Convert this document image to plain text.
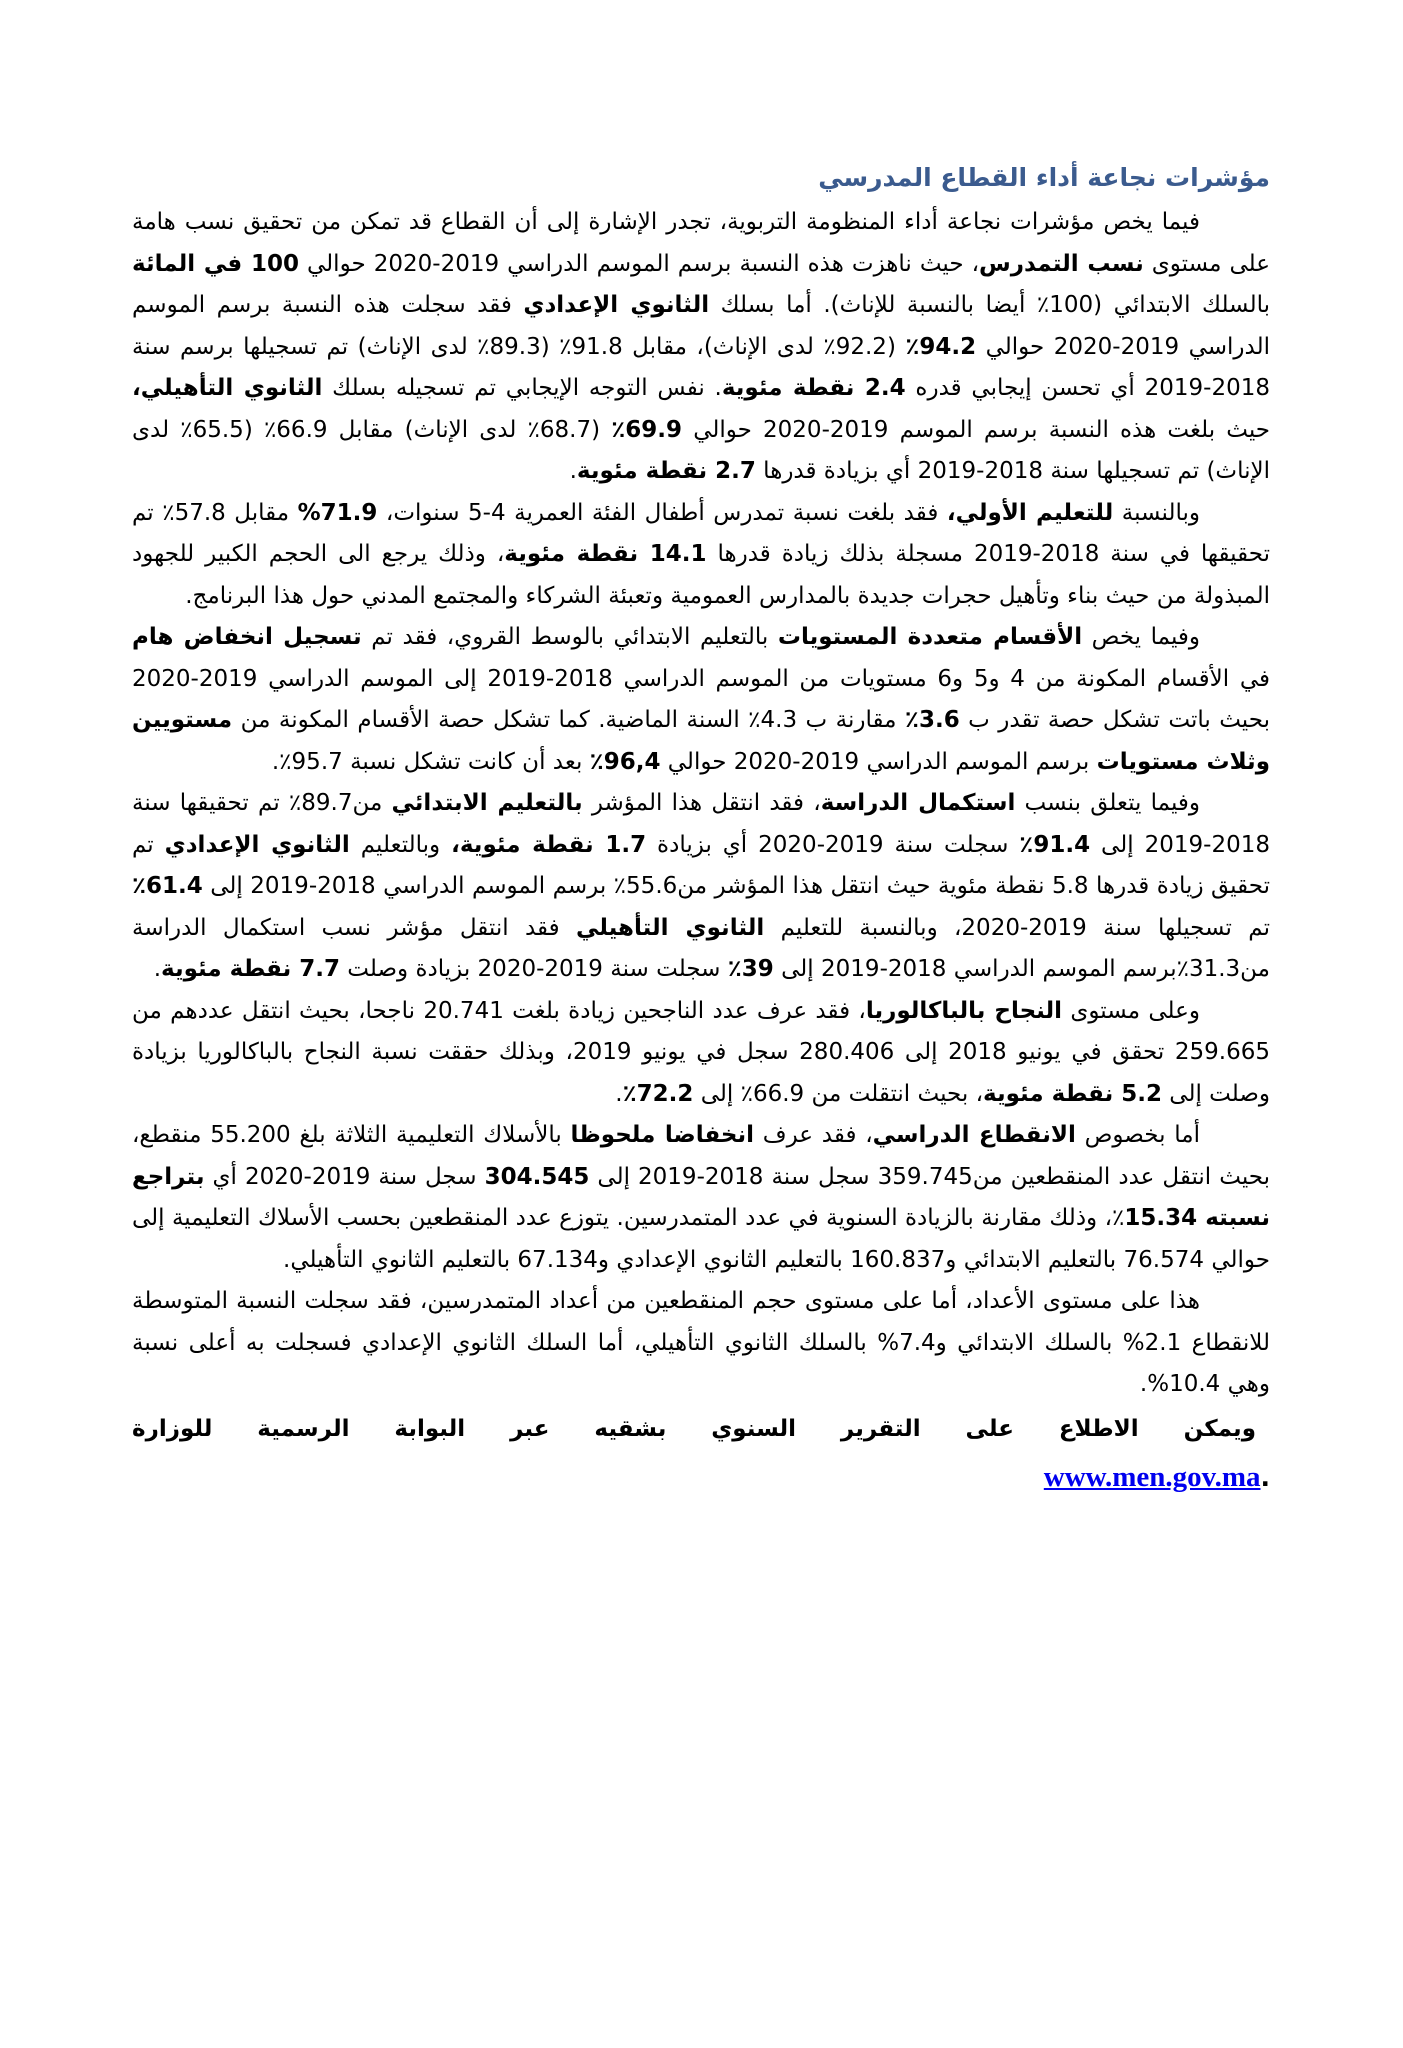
مؤشرات نجاعة أداء القطاع المدرسي

فيما يخص مؤشرات نجاعة أداء المنظومة التربوية، تجدر الإشارة إلى أن القطاع قد تمكن من تحقيق نسب هامة على مستوى نسب التمدرس، حيث ناهزت هذه النسبة برسم الموسم الدراسي 2019-2020 حوالي 100 في المائة بالسلك الابتدائي (100٪ أيضا بالنسبة للإناث). أما بسلك الثانوي الإعدادي فقد سجلت هذه النسبة برسم الموسم الدراسي 2019-2020 حوالي 94.2٪ (92.2٪ لدى الإناث)، مقابل 91.8٪ (89.3٪ لدى الإناث) تم تسجيلها برسم سنة 2018-2019 أي تحسن إيجابي قدره 2.4 نقطة مئوية. نفس التوجه الإيجابي تم تسجيله بسلك الثانوي التأهيلي، حيث بلغت هذه النسبة برسم الموسم 2019-2020 حوالي 69.9٪ (68.7٪ لدى الإناث) مقابل 66.9٪ (65.5٪ لدى الإناث) تم تسجيلها سنة 2018-2019 أي بزيادة قدرها 2.7 نقطة مئوية.

وبالنسبة للتعليم الأولي، فقد بلغت نسبة تمدرس أطفال الفئة العمرية 4-5 سنوات، 71.9% مقابل 57.8٪ تم تحقيقها في سنة 2018-2019 مسجلة بذلك زيادة قدرها 14.1 نقطة مئوية، وذلك يرجع الى الحجم الكبير للجهود المبذولة من حيث بناء وتأهيل حجرات جديدة بالمدارس العمومية وتعبئة الشركاء والمجتمع المدني حول هذا البرنامج.

وفيما يخص الأقسام متعددة المستويات بالتعليم الابتدائي بالوسط القروي، فقد تم تسجيل انخفاض هام في الأقسام المكونة من 4 و5 و6 مستويات من الموسم الدراسي 2018-2019 إلى الموسم الدراسي 2019-2020 بحيث باتت تشكل حصة تقدر ب 3.6٪ مقارنة ب 4.3٪ السنة الماضية. كما تشكل حصة الأقسام المكونة من مستويين وثلاث مستويات برسم الموسم الدراسي 2019-2020 حوالي 96,4٪ بعد أن كانت تشكل نسبة 95.7٪.

وفيما يتعلق بنسب استكمال الدراسة، فقد انتقل هذا المؤشر بالتعليم الابتدائي من89.7٪ تم تحقيقها سنة 2018-2019 إلى 91.4٪ سجلت سنة 2019-2020 أي بزيادة 1.7 نقطة مئوية، وبالتعليم الثانوي الإعدادي تم تحقيق زيادة قدرها 5.8 نقطة مئوية حيث انتقل هذا المؤشر من55.6٪ برسم الموسم الدراسي 2018-2019 إلى 61.4٪ تم تسجيلها سنة 2019-2020، وبالنسبة للتعليم الثانوي التأهيلي فقد انتقل مؤشر نسب استكمال الدراسة من31.3٪برسم الموسم الدراسي 2018-2019 إلى 39٪ سجلت سنة 2019-2020 بزيادة وصلت 7.7 نقطة مئوية.

وعلى مستوى النجاح بالباكالوريا، فقد عرف عدد الناجحين زيادة بلغت 20.741 ناجحا، بحيث انتقل عددهم من 259.665 تحقق في يونيو 2018 إلى 280.406 سجل في يونيو 2019، وبذلك حققت نسبة النجاح بالباكالوريا بزيادة وصلت إلى 5.2 نقطة مئوية، بحيث انتقلت من 66.9٪ إلى 72.2٪.

أما بخصوص الانقطاع الدراسي، فقد عرف انخفاضا ملحوظا بالأسلاك التعليمية الثلاثة بلغ 55.200 منقطع، بحيث انتقل عدد المنقطعين من359.745 سجل سنة 2018-2019 إلى 304.545 سجل سنة 2019-2020 أي بتراجع نسبته 15.34٪، وذلك مقارنة بالزيادة السنوية في عدد المتمدرسين. يتوزع عدد المنقطعين بحسب الأسلاك التعليمية إلى حوالي 76.574 بالتعليم الابتدائي و160.837 بالتعليم الثانوي الإعدادي و67.134 بالتعليم الثانوي التأهيلي.

هذا على مستوى الأعداد، أما على مستوى حجم المنقطعين من أعداد المتمدرسين، فقد سجلت النسبة المتوسطة للانقطاع 2.1% بالسلك الابتدائي و7.4% بالسلك الثانوي التأهيلي، أما السلك الثانوي الإعدادي فسجلت به أعلى نسبة وهي 10.4%.

ويمكن الاطلاع على التقرير السنوي بشقيه عبر البوابة الرسمية للوزارة

.www.men.gov.ma
